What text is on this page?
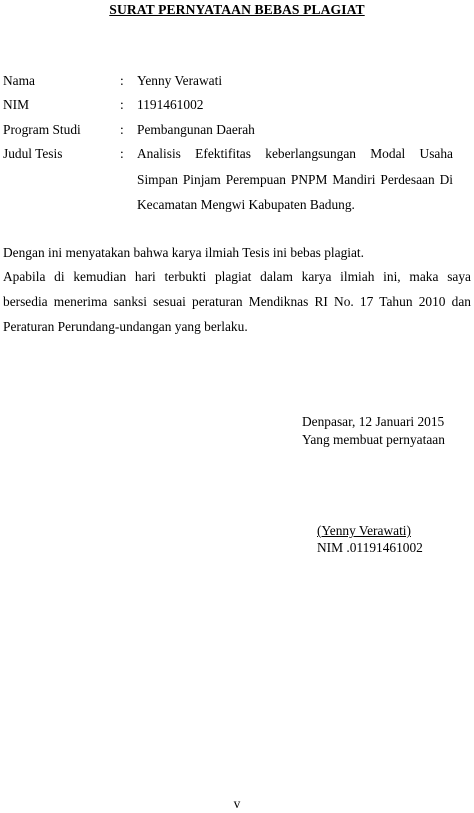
SURAT PERNYATAAN BEBAS PLAGIAT
Nama	: Yenny Verawati
NIM	: 1191461002
Program Studi	: Pembangunan Daerah
Judul Tesis	: Analisis Efektifitas keberlangsungan Modal Usaha
Simpan Pinjam Perempuan PNPM Mandiri Perdesaan Di
Kecamatan Mengwi Kabupaten Badung.
Dengan ini menyatakan bahwa karya ilmiah Tesis ini bebas plagiat.
Apabila di kemudian hari terbukti plagiat dalam karya ilmiah ini, maka saya
bersedia menerima sanksi sesuai peraturan Mendiknas RI No. 17 Tahun 2010 dan
Peraturan Perundang-undangan yang berlaku.
Denpasar, 12 Januari 2015
Yang membuat pernyataan
(Yenny Verawati)
NIM .01191461002
v
